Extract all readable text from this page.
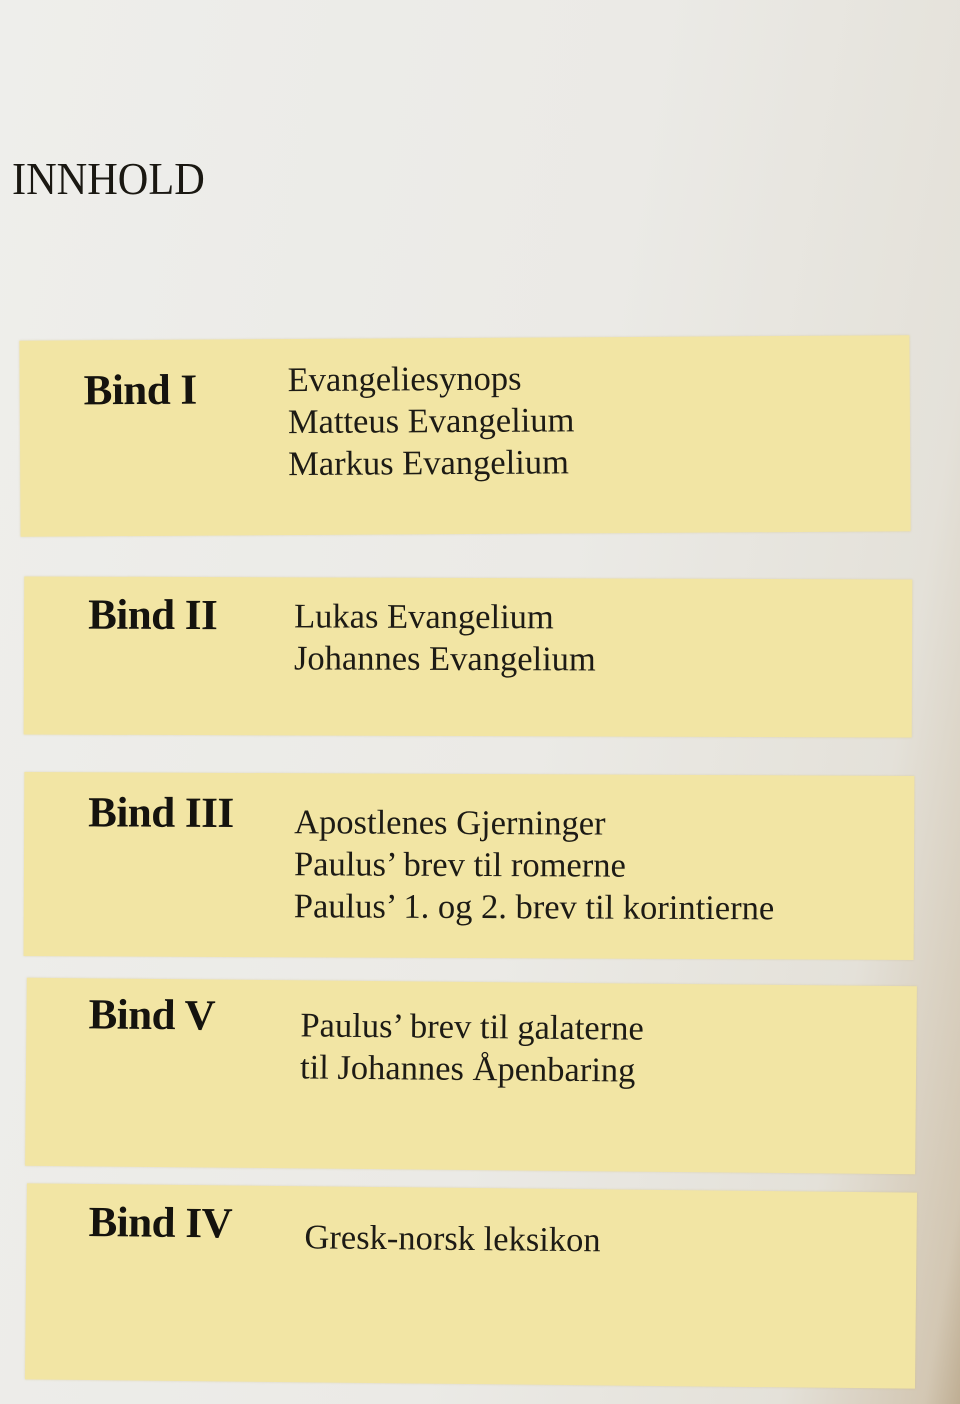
INNHOLD
Bind I	Evangeliesynops
Matteus Evangelium
Markus Evangelium
Bind II Lukas Evangelium
Johannes Evangelium
Bind III Apostlenes Gjerninger
Paulus’ brev til romerne
Paulus’ 1. og 2. brev til korintierne
Bind V Paulus’ brev til galaterne
til Johannes Åpenbaring
Bind IV Gresk-norsk leksikon
